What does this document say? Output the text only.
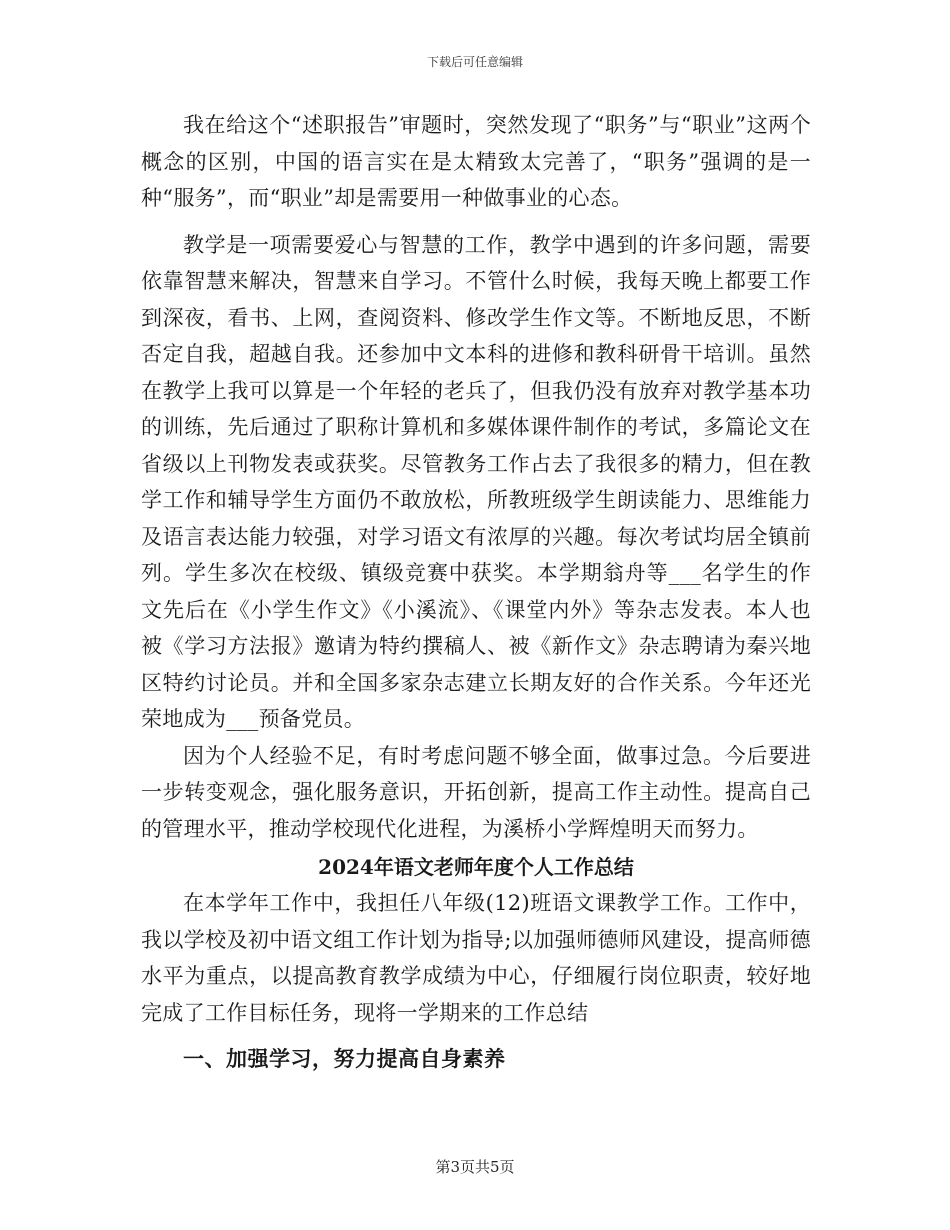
下载后可任意编辑

我在给这个“述职报告”审题时，突然发现了“职务”与“职业”这两个概念的区别，中国的语言实在是太精致太完善了，“职务”强调的是一种“服务”，而“职业”却是需要用一种做事业的心态。

教学是一项需要爱心与智慧的工作，教学中遇到的许多问题，需要依靠智慧来解决，智慧来自学习。不管什么时候，我每天晚上都要工作到深夜，看书、上网，查阅资料、修改学生作文等。不断地反思，不断否定自我，超越自我。还参加中文本科的进修和教科研骨干培训。虽然在教学上我可以算是一个年轻的老兵了，但我仍没有放弃对教学基本功的训练，先后通过了职称计算机和多媒体课件制作的考试，多篇论文在省级以上刊物发表或获奖。尽管教务工作占去了我很多的精力，但在教学工作和辅导学生方面仍不敢放松，所教班级学生朗读能力、思维能力及语言表达能力较强，对学习语文有浓厚的兴趣。每次考试均居全镇前列。学生多次在校级、镇级竞赛中获奖。本学期翁舟等___名学生的作文先后在《小学生作文》《小溪流》、《课堂内外》等杂志发表。本人也被《学习方法报》邀请为特约撰稿人、被《新作文》杂志聘请为秦兴地区特约讨论员。并和全国多家杂志建立长期友好的合作关系。今年还光荣地成为___预备党员。

因为个人经验不足，有时考虑问题不够全面，做事过急。今后要进一步转变观念，强化服务意识，开拓创新，提高工作主动性。提高自己的管理水平，推动学校现代化进程，为溪桥小学辉煌明天而努力。

2024年语文老师年度个人工作总结

在本学年工作中，我担任八年级(12)班语文课教学工作。工作中，我以学校及初中语文组工作计划为指导;以加强师德师风建设，提高师德水平为重点，以提高教育教学成绩为中心，仔细履行岗位职责，较好地完成了工作目标任务，现将一学期来的工作总结

一、加强学习，努力提高自身素养
第3页共5页
